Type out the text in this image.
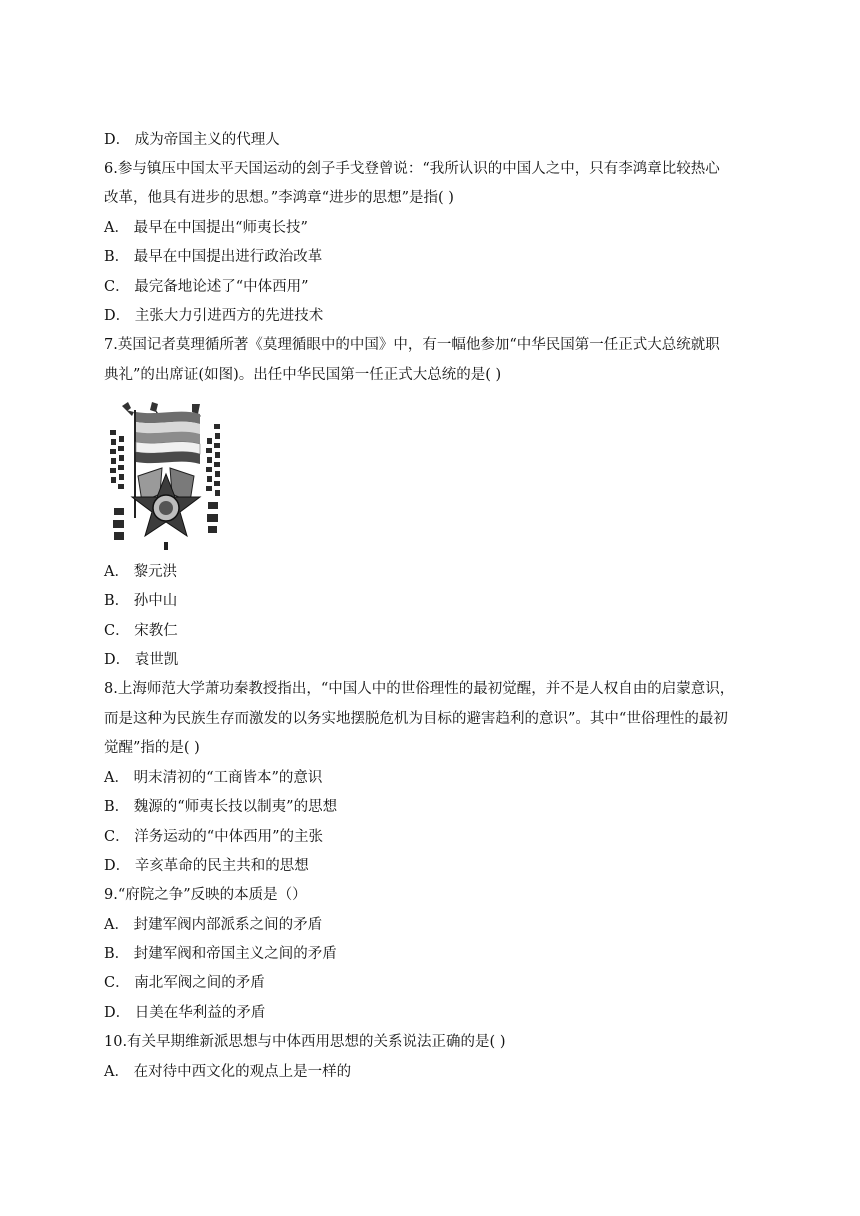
D． 成为帝国主义的代理人
6.参与镇压中国太平天国运动的刽子手戈登曾说：“我所认识的中国人之中，只有李鸿章比较热心
改革，他具有进步的思想。”李鸿章“进步的思想”是指( )
A． 最早在中国提出“师夷长技”
B． 最早在中国提出进行政治改革
C． 最完备地论述了“中体西用”
D． 主张大力引进西方的先进技术
7.英国记者莫理循所著《莫理循眼中的中国》中，有一幅他参加“中华民国第一任正式大总统就职
典礼”的出席证(如图)。出任中华民国第一任正式大总统的是( )
A． 黎元洪
B． 孙中山
C． 宋教仁
D． 袁世凯
8.上海师范大学萧功秦教授指出，“中国人中的世俗理性的最初觉醒，并不是人权自由的启蒙意识，
而是这种为民族生存而激发的以务实地摆脱危机为目标的避害趋利的意识”。其中“世俗理性的最初
觉醒”指的是( )
A． 明末清初的“工商皆本”的意识
B． 魏源的“师夷长技以制夷”的思想
C． 洋务运动的“中体西用”的主张
D． 辛亥革命的民主共和的思想
9.“府院之争”反映的本质是（）
A． 封建军阀内部派系之间的矛盾
B． 封建军阀和帝国主义之间的矛盾
C． 南北军阀之间的矛盾
D． 日美在华利益的矛盾
10.有关早期维新派思想与中体西用思想的关系说法正确的是( )
A． 在对待中西文化的观点上是一样的
